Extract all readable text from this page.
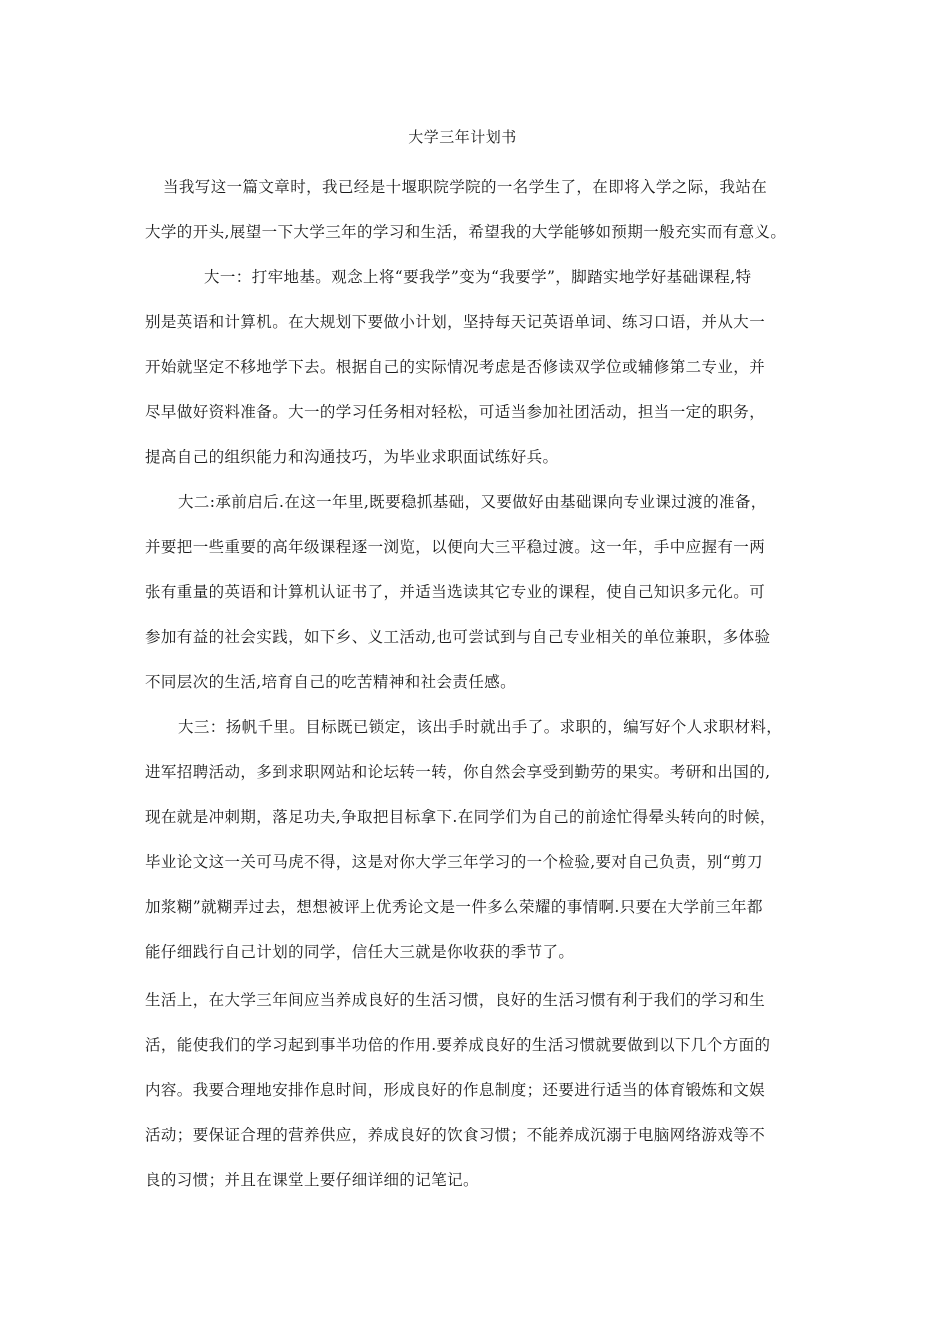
大学三年计划书
当我写这一篇文章时，我已经是十堰职院学院的一名学生了，在即将入学之际，我站在
大学的开头,展望一下大学三年的学习和生活，希望我的大学能够如预期一般充实而有意义。
大一：打牢地基。观念上将“要我学”变为“我要学”，脚踏实地学好基础课程,特
别是英语和计算机。在大规划下要做小计划，坚持每天记英语单词、练习口语，并从大一
开始就坚定不移地学下去。根据自己的实际情况考虑是否修读双学位或辅修第二专业，并
尽早做好资料准备。大一的学习任务相对轻松，可适当参加社团活动，担当一定的职务，
提高自己的组织能力和沟通技巧，为毕业求职面试练好兵。
大二:承前启后.在这一年里,既要稳抓基础，又要做好由基础课向专业课过渡的准备，
并要把一些重要的高年级课程逐一浏览，以便向大三平稳过渡。这一年，手中应握有一两
张有重量的英语和计算机认证书了，并适当选读其它专业的课程，使自己知识多元化。可
参加有益的社会实践，如下乡、义工活动,也可尝试到与自己专业相关的单位兼职，多体验
不同层次的生活,培育自己的吃苦精神和社会责任感。
大三：扬帆千里。目标既已锁定，该出手时就出手了。求职的，编写好个人求职材料，
进军招聘活动，多到求职网站和论坛转一转，你自然会享受到勤劳的果实。考研和出国的,
现在就是冲刺期，落足功夫,争取把目标拿下.在同学们为自己的前途忙得晕头转向的时候，
毕业论文这一关可马虎不得，这是对你大学三年学习的一个检验,要对自己负责，别“剪刀
加浆糊”就糊弄过去，想想被评上优秀论文是一件多么荣耀的事情啊.只要在大学前三年都
能仔细践行自己计划的同学，信任大三就是你收获的季节了。
生活上，在大学三年间应当养成良好的生活习惯，良好的生活习惯有利于我们的学习和生
活，能使我们的学习起到事半功倍的作用.要养成良好的生活习惯就要做到以下几个方面的
内容。我要合理地安排作息时间，形成良好的作息制度；还要进行适当的体育锻炼和文娱
活动；要保证合理的营养供应，养成良好的饮食习惯；不能养成沉溺于电脑网络游戏等不
良的习惯；并且在课堂上要仔细详细的记笔记。
